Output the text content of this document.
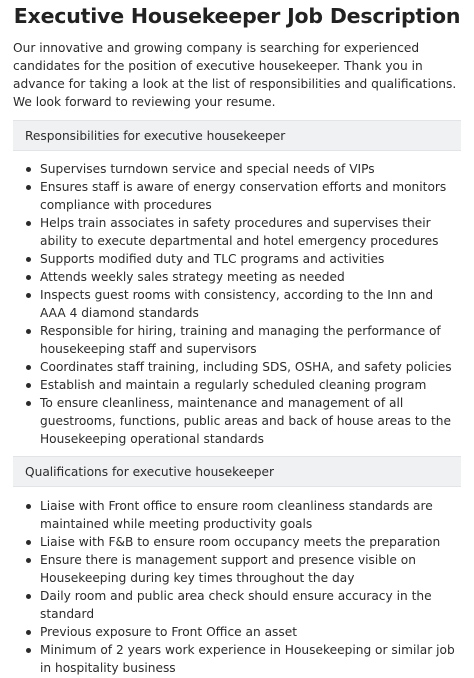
Executive Housekeeper Job Description

Our innovative and growing company is searching for experienced candidates for the position of executive housekeeper. Thank you in advance for taking a look at the list of responsibilities and qualifications. We look forward to reviewing your resume.

Responsibilities for executive housekeeper
Supervises turndown service and special needs of VIPs
Ensures staff is aware of energy conservation efforts and monitors compliance with procedures
Helps train associates in safety procedures and supervises their ability to execute departmental and hotel emergency procedures
Supports modified duty and TLC programs and activities
Attends weekly sales strategy meeting as needed
Inspects guest rooms with consistency, according to the Inn and AAA 4 diamond standards
Responsible for hiring, training and managing the performance of housekeeping staff and supervisors
Coordinates staff training, including SDS, OSHA, and safety policies
Establish and maintain a regularly scheduled cleaning program
To ensure cleanliness, maintenance and management of all guestrooms, functions, public areas and back of house areas to the Housekeeping operational standards
Qualifications for executive housekeeper
Liaise with Front office to ensure room cleanliness standards are maintained while meeting productivity goals
Liaise with F&B to ensure room occupancy meets the preparation
Ensure there is management support and presence visible on Housekeeping during key times throughout the day
Daily room and public area check should ensure accuracy in the standard
Previous exposure to Front Office an asset
Minimum of 2 years work experience in Housekeeping or similar job in hospitality business
